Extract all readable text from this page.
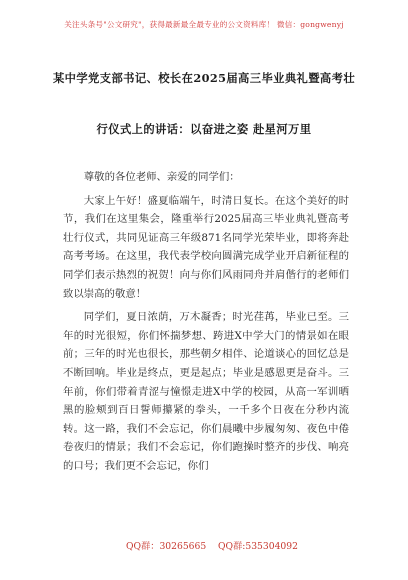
关注头条号"公文研究"，获得最新最全最专业的公文资料库！ 微信：gongwenyj
某中学党支部书记、校长在2025届高三毕业典礼暨高考壮
行仪式上的讲话：以奋进之姿 赴星河万里

尊敬的各位老师、亲爱的同学们：

大家上午好！盛夏临端午，时清日复长。在这个美好的时节，我们在这里集会，隆重举行2025届高三毕业典礼暨高考壮行仪式，共同见证高三年级871名同学光荣毕业，即将奔赴高考考场。在这里，我代表学校向圆满完成学业开启新征程的同学们表示热烈的祝贺！向与你们风雨同舟并肩偕行的老师们致以崇高的敬意！

同学们，夏日浓荫，万木凝香；时光荏苒，毕业已至。三年的时光很短，你们怀揣梦想、跨进X中学大门的情景如在眼前；三年的时光也很长，那些朝夕相伴、论道谈心的回忆总是不断回响。毕业是终点，更是起点；毕业是感恩更是奋斗。三年前，你们带着青涩与憧憬走进X中学的校园，从高一军训晒黑的脸颊到百日誓师攥紧的拳头，一千多个日夜在分秒内流转。这一路，我们不会忘记，你们晨曦中步履匆匆、夜色中倦卷夜归的情景；我们不会忘记，你们跑操时整齐的步伐、响亮的口号；我们更不会忘记，你们

QQ群：30265665 QQ群:535304092
